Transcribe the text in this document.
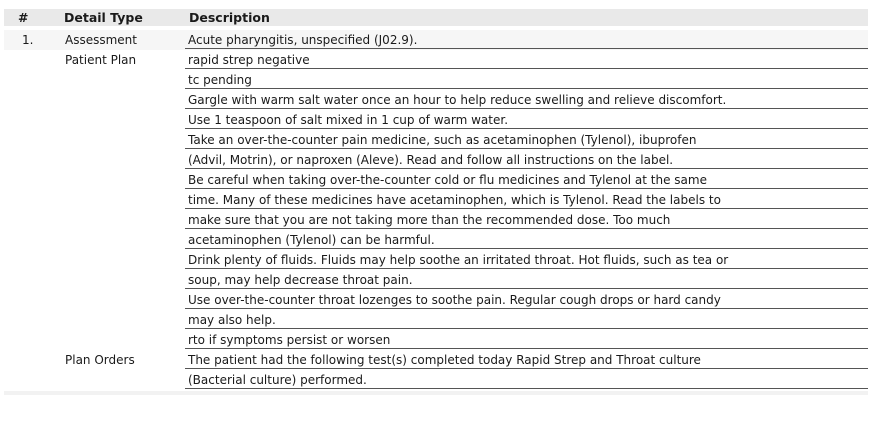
#	Detail Type	Description
1.	Assessment	Acute pharyngitis, unspecified (J02.9).
Patient Plan	rapid strep negative
tc pending
Gargle with warm salt water once an hour to help reduce swelling and relieve discomfort.
Use 1 teaspoon of salt mixed in 1 cup of warm water.
Take an over-the-counter pain medicine, such as acetaminophen (Tylenol), ibuprofen
(Advil, Motrin), or naproxen (Aleve). Read and follow all instructions on the label.
Be careful when taking over-the-counter cold or flu medicines and Tylenol at the same
time. Many of these medicines have acetaminophen, which is Tylenol. Read the labels to
make sure that you are not taking more than the recommended dose. Too much
acetaminophen (Tylenol) can be harmful.
Drink plenty of fluids. Fluids may help soothe an irritated throat. Hot fluids, such as tea or
soup, may help decrease throat pain.
Use over-the-counter throat lozenges to soothe pain. Regular cough drops or hard candy
may also help.
rto if symptoms persist or worsen
Plan Orders	The patient had the following test(s) completed today Rapid Strep and Throat culture
(Bacterial culture) performed.
